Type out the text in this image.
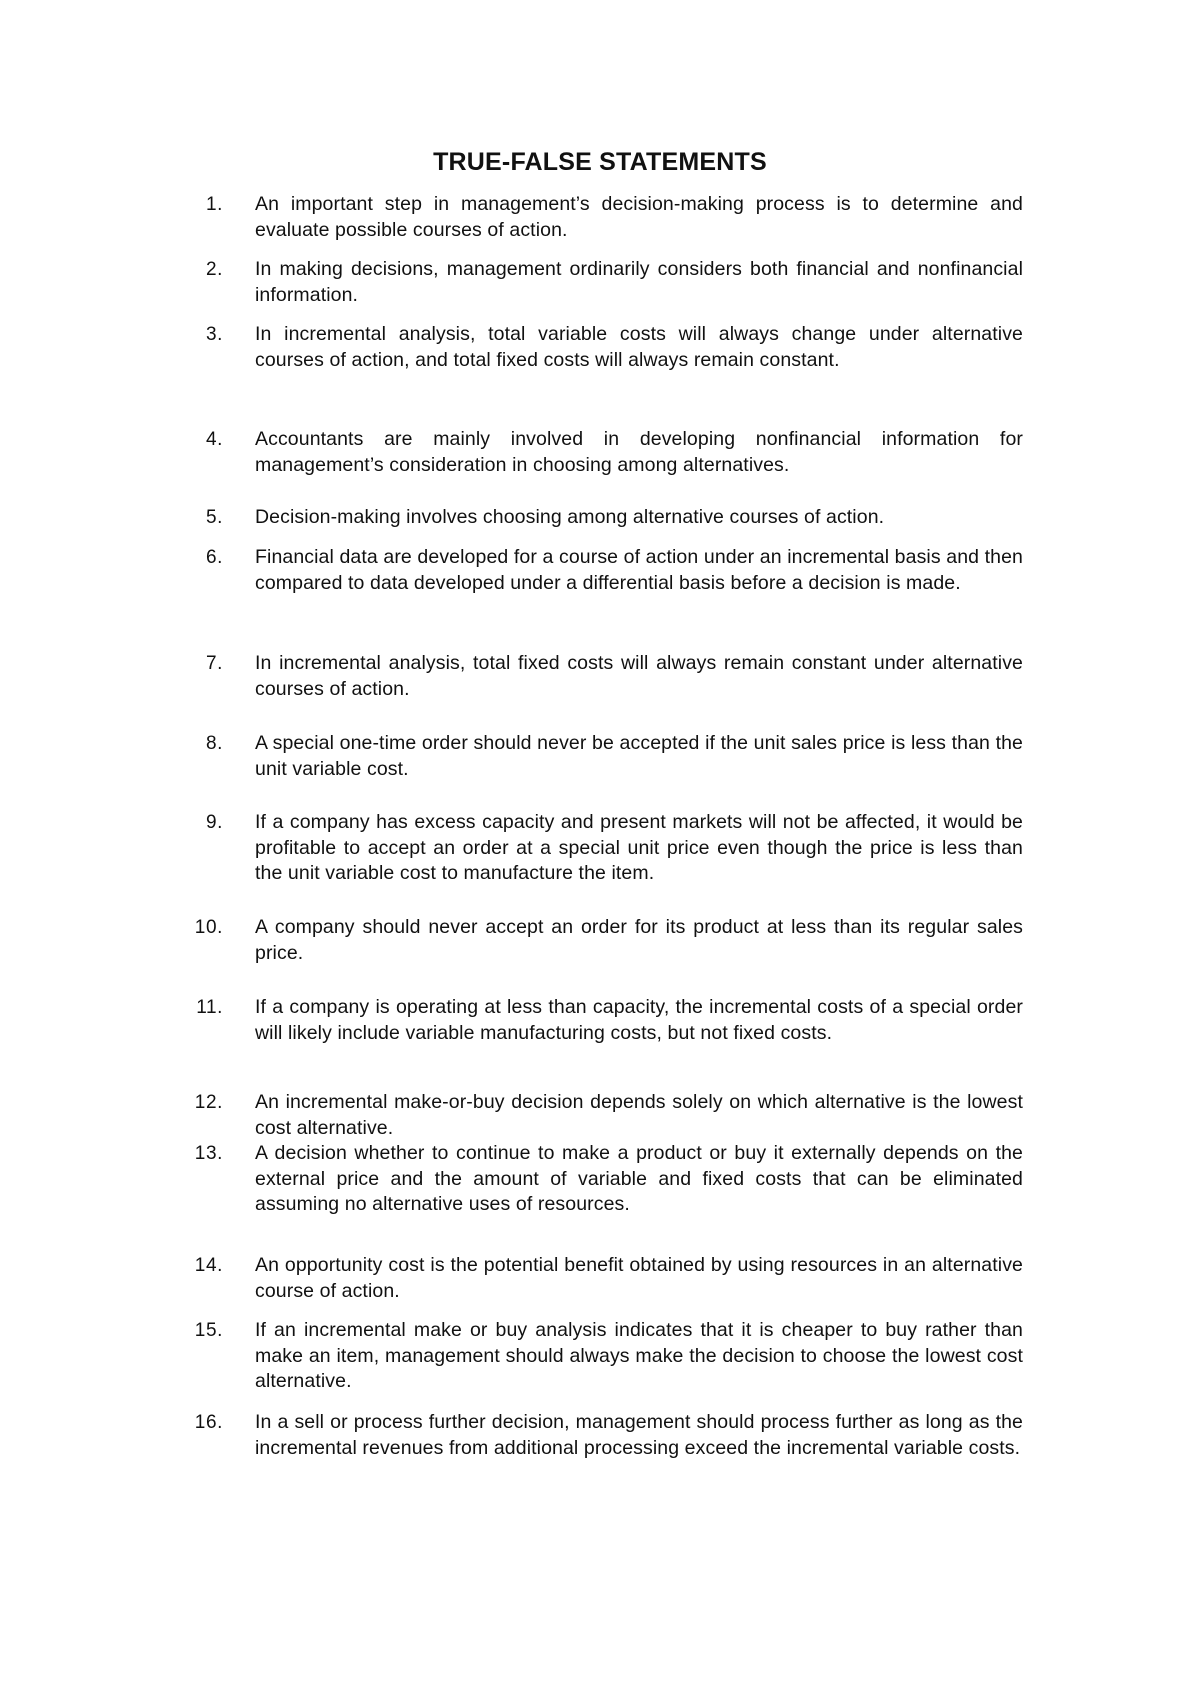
TRUE-FALSE STATEMENTS
1. An important step in management’s decision-making process is to determine and evaluate possible courses of action.
2. In making decisions, management ordinarily considers both financial and nonfinancial information.
3. In incremental analysis, total variable costs will always change under alternative courses of action, and total fixed costs will always remain constant.
4. Accountants are mainly involved in developing nonfinancial information for management’s consideration in choosing among alternatives.
5. Decision-making involves choosing among alternative courses of action.
6. Financial data are developed for a course of action under an incremental basis and then compared to data developed under a differential basis before a decision is made.
7. In incremental analysis, total fixed costs will always remain constant under alternative courses of action.
8. A special one-time order should never be accepted if the unit sales price is less than the unit variable cost.
9. If a company has excess capacity and present markets will not be affected, it would be profitable to accept an order at a special unit price even though the price is less than the unit variable cost to manufacture the item.
10. A company should never accept an order for its product at less than its regular sales price.
11. If a company is operating at less than capacity, the incremental costs of a special order will likely include variable manufacturing costs, but not fixed costs.
12. An incremental make-or-buy decision depends solely on which alternative is the lowest cost alternative.
13. A decision whether to continue to make a product or buy it externally depends on the external price and the amount of variable and fixed costs that can be eliminated assuming no alternative uses of resources.
14. An opportunity cost is the potential benefit obtained by using resources in an alternative course of action.
15. If an incremental make or buy analysis indicates that it is cheaper to buy rather than make an item, management should always make the decision to choose the lowest cost alternative.
16. In a sell or process further decision, management should process further as long as the incremental revenues from additional processing exceed the incremental variable costs.
